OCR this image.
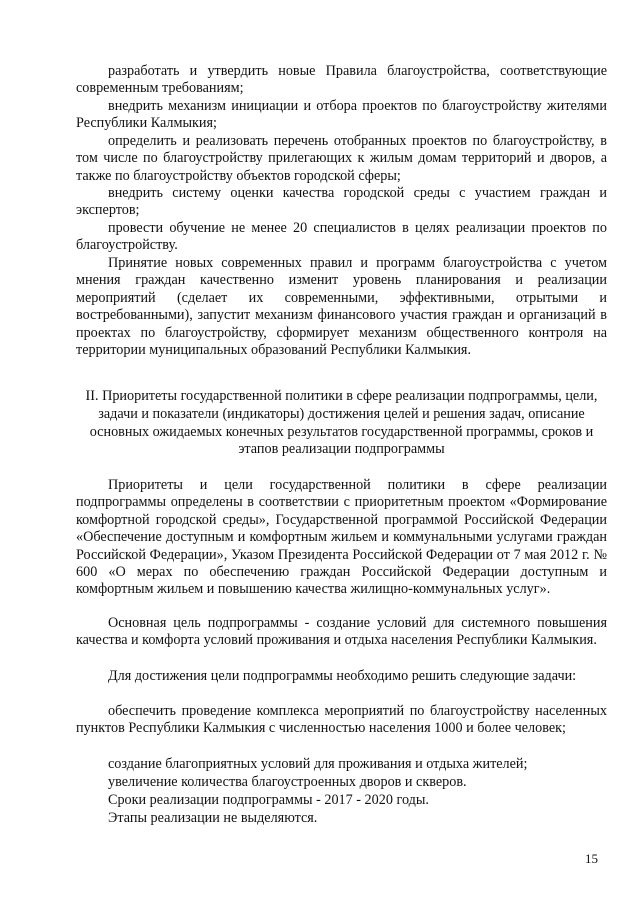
разработать и утвердить новые Правила благоустройства, соответствующие современным требованиям;

внедрить механизм инициации и отбора проектов по благоустройству жителями Республики Калмыкия;

определить и реализовать перечень отобранных проектов по благоустройству, в том числе по благоустройству прилегающих к жилым домам территорий и дворов, а также по благоустройству объектов городской сферы;

внедрить систему оценки качества городской среды с участием граждан и экспертов;

провести обучение не менее 20 специалистов в целях реализации проектов по благоустройству.

Принятие новых современных правил и программ благоустройства с учетом мнения граждан качественно изменит уровень планирования и реализации мероприятий (сделает их современными, эффективными, отрытыми и востребованными), запустит механизм финансового участия граждан и организаций в проектах по благоустройству, сформирует механизм общественного контроля на территории муниципальных образований Республики Калмыкия.

II. Приоритеты государственной политики в сфере реализации подпрограммы, цели, задачи и показатели (индикаторы) достижения целей и решения задач, описание основных ожидаемых конечных результатов государственной программы, сроков и этапов реализации подпрограммы

Приоритеты и цели государственной политики в сфере реализации подпрограммы определены в соответствии с приоритетным проектом «Формирование комфортной городской среды», Государственной программой Российской Федерации «Обеспечение доступным и комфортным жильем и коммунальными услугами граждан Российской Федерации», Указом Президента Российской Федерации от 7 мая 2012 г. № 600 «О мерах по обеспечению граждан Российской Федерации доступным и комфортным жильем и повышению качества жилищно-коммунальных услуг».

Основная цель подпрограммы - создание условий для системного повышения качества и комфорта условий проживания и отдыха населения Республики Калмыкия.

Для достижения цели подпрограммы необходимо решить следующие задачи:

обеспечить проведение комплекса мероприятий по благоустройству населенных пунктов Республики Калмыкия с численностью населения 1000 и более человек;

создание благоприятных условий для проживания и отдыха жителей;

увеличение количества благоустроенных дворов и скверов.

Сроки реализации подпрограммы - 2017 - 2020 годы.

Этапы реализации не выделяются.

15
